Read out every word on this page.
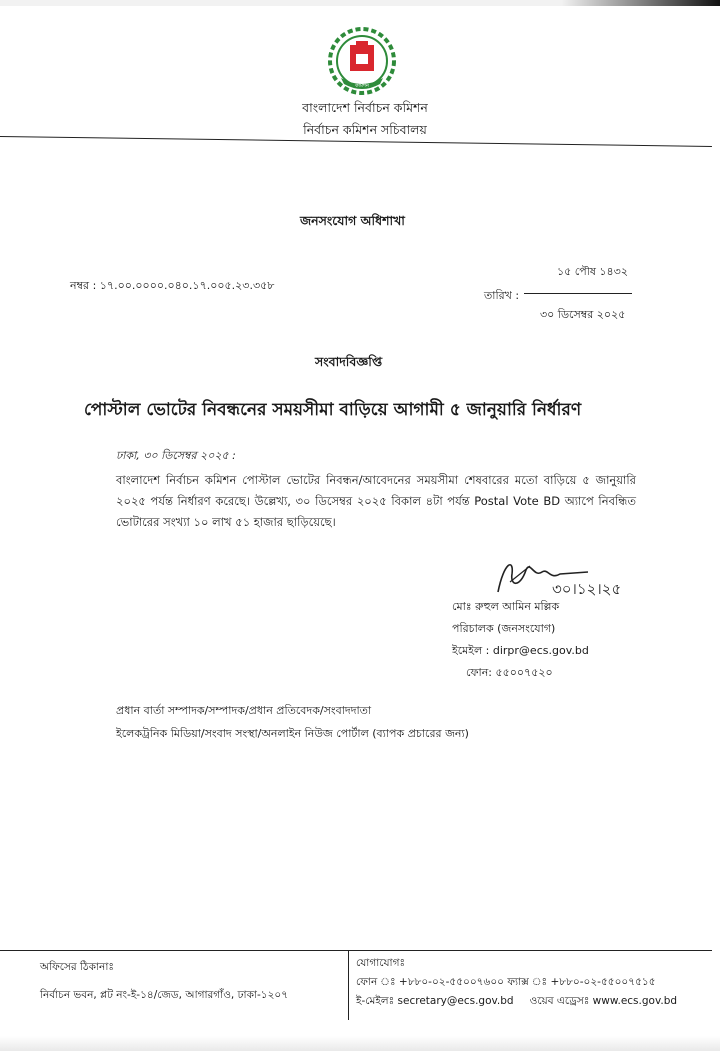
কমিশন
বাংলাদেশ নির্বাচন কমিশন
নির্বাচন কমিশন সচিবালয়
জনসংযোগ অধিশাখা
নম্বর : ১৭.০০.০০০০.০৪০.১৭.০০৫.২৩.৩৫৮
১৫ পৌষ ১৪৩২
তারিখ :
৩০ ডিসেম্বর ২০২৫
সংবাদবিজ্ঞপ্তি
পোস্টাল ভোটের নিবন্ধনের সময়সীমা বাড়িয়ে আগামী ৫ জানুয়ারি নির্ধারণ
ঢাকা, ৩০ ডিসেম্বর ২০২৫ :
বাংলাদেশ নির্বাচন কমিশন পোস্টাল ভোটের নিবন্ধন/আবেদনের সময়সীমা শেষবারের মতো বাড়িয়ে ৫ জানুয়ারি ২০২৫ পর্যন্ত নির্ধারণ করেছে। উল্লেখ্য, ৩০ ডিসেম্বর ২০২৫ বিকাল ৪টা পর্যন্ত Postal Vote BD অ্যাপে নিবন্ধিত ভোটারের সংখ্যা ১০ লাখ ৫১ হাজার ছাড়িয়েছে।
৩০।১২।২৫
মোঃ রুহুল আমিন মল্লিক
পরিচালক (জনসংযোগ)
ইমেইল : dirpr@ecs.gov.bd
ফোন: ৫৫০০৭৫২০
প্রধান বার্তা সম্পাদক/সম্পাদক/প্রধান প্রতিবেদক/সংবাদদাতা
ইলেকট্রনিক মিডিয়া/সংবাদ সংস্থা/অনলাইন নিউজ পোর্টাল (ব্যাপক প্রচারের জন্য)
অফিসের ঠিকানাঃ
নির্বাচন ভবন, প্লট নং-ই-১৪/জেড, আগারগাঁও, ঢাকা-১২০৭
যোগাযোগঃ
ফোন ঃ +৮৮০-০২-৫৫০০৭৬০০ ফ্যাক্স ঃ +৮৮০-০২-৫৫০০৭৫১৫
ই-মেইলঃ secretary@ecs.gov.bd ওয়েব এড্রেসঃ www.ecs.gov.bd
